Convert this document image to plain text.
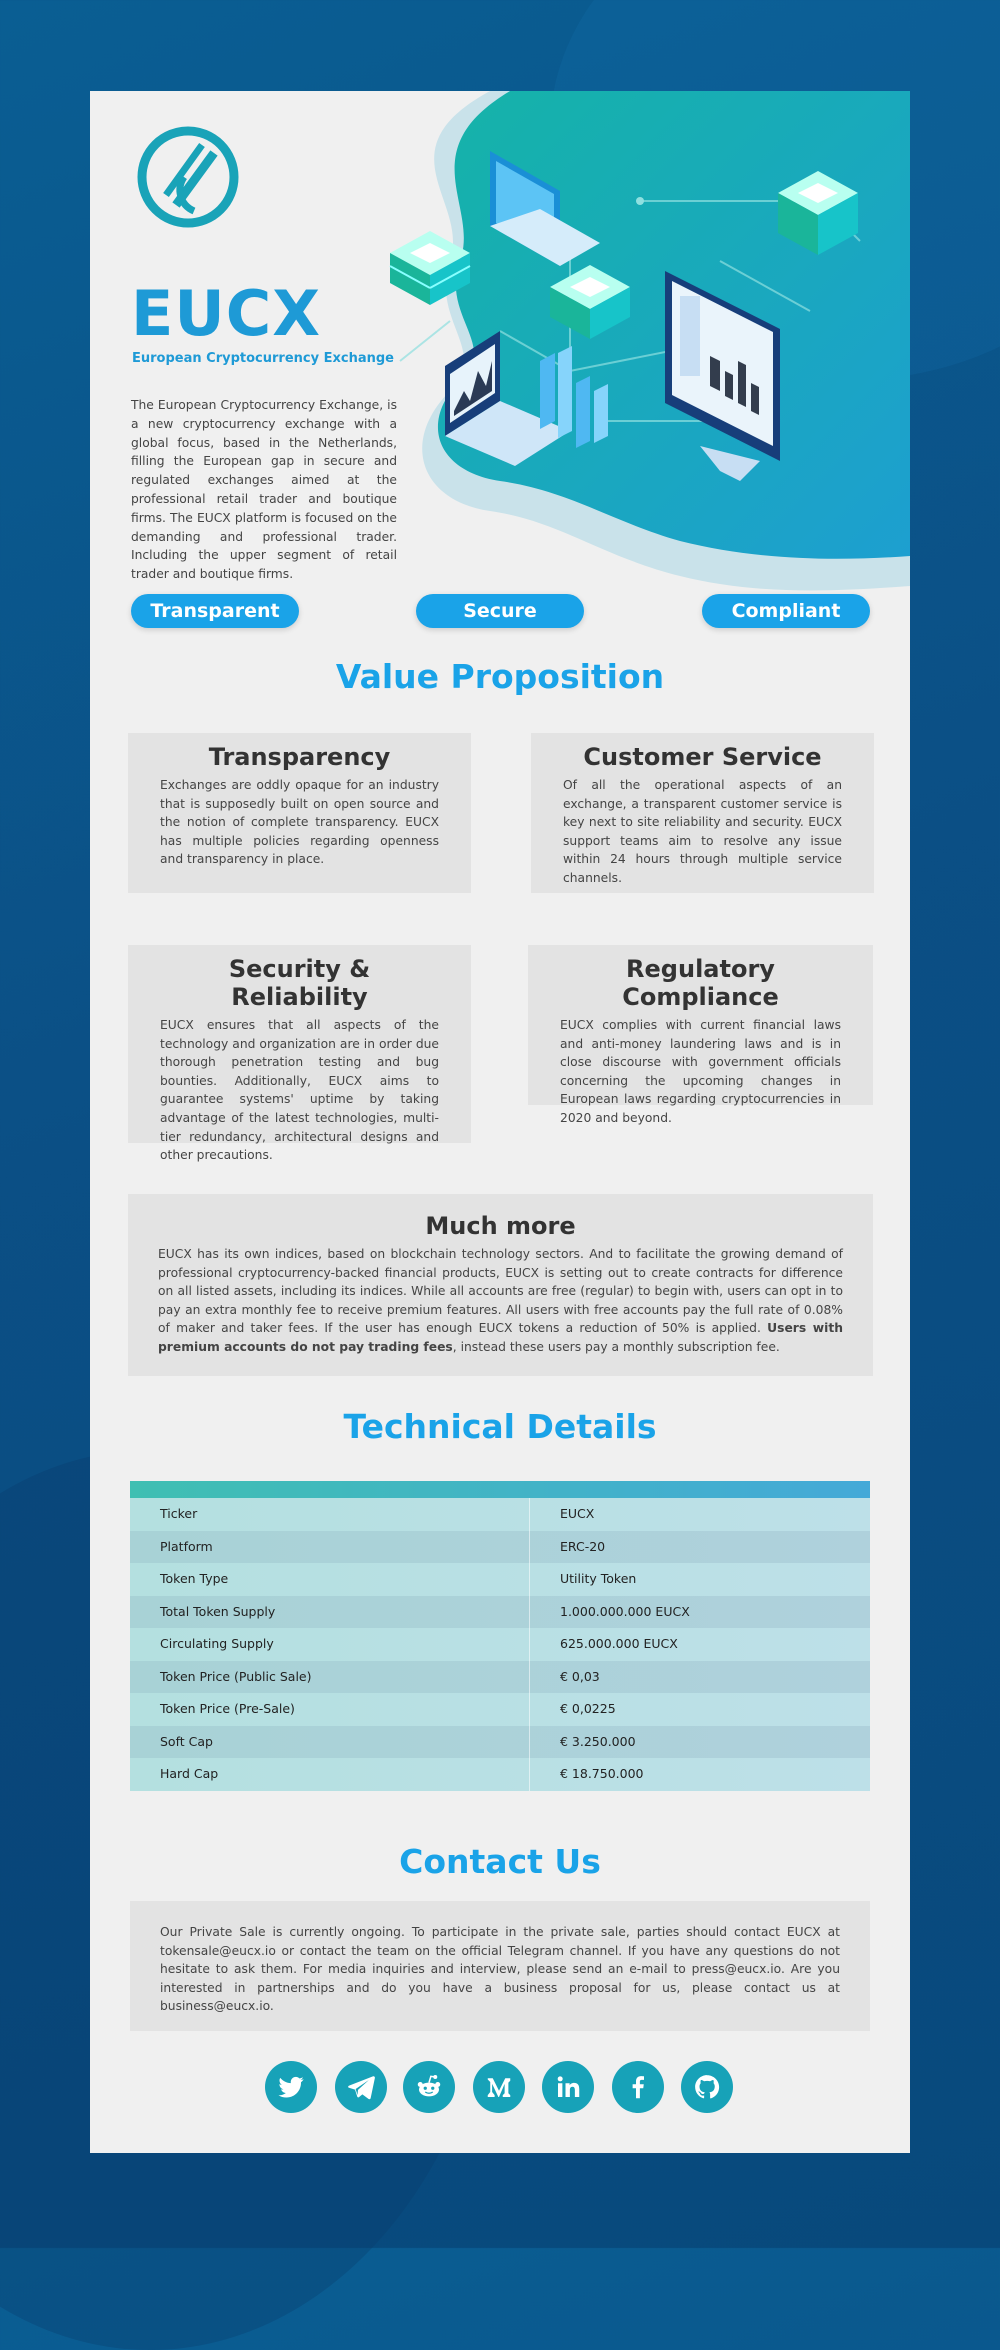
EUCX
European Cryptocurrency Exchange
The European Cryptocurrency Exchange, is a new cryptocurrency exchange with a global focus, based in the Netherlands, filling the European gap in secure and regulated exchanges aimed at the professional retail trader and boutique firms. The EUCX platform is focused on the demanding and professional trader. Including the upper segment of retail trader and boutique firms.
Transparent	Secure	Compliant
Value Proposition
Transparency

Exchanges are oddly opaque for an industry that is supposedly built on open source and the notion of complete transparency. EUCX has multiple policies regarding openness and transparency in place.

Customer Service

Of all the operational aspects of an exchange, a transparent customer service is key next to site reliability and security. EUCX support teams aim to resolve any issue within 24 hours through multiple service channels.

Security & Reliability

EUCX ensures that all aspects of the technology and organization are in order due thorough penetration testing and bug bounties. Additionally, EUCX aims to guarantee systems' uptime by taking advantage of the latest technologies, multi-tier redundancy, architectural designs and other precautions.

Regulatory Compliance

EUCX complies with current financial laws and anti-money laundering laws and is in close discourse with government officials concerning the upcoming changes in European laws regarding cryptocurrencies in 2020 and beyond.

Much more

EUCX has its own indices, based on blockchain technology sectors. And to facilitate the growing demand of professional cryptocurrency-backed financial products, EUCX is setting out to create contracts for difference on all listed assets, including its indices. While all accounts are free (regular) to begin with, users can opt in to pay an extra monthly fee to receive premium features. All users with free accounts pay the full rate of 0.08% of maker and taker fees. If the user has enough EUCX tokens a reduction of 50% is applied. Users with premium accounts do not pay trading fees, instead these users pay a monthly subscription fee.

Technical Details
Ticker	EUCX
Platform	ERC-20
Token Type	Utility Token
Total Token Supply	1.000.000.000 EUCX
Circulating Supply	625.000.000 EUCX
Token Price (Public Sale)	€ 0,03
Token Price (Pre-Sale)	€ 0,0225
Soft Cap	€ 3.250.000
Hard Cap	€ 18.750.000
Contact Us
Our Private Sale is currently ongoing. To participate in the private sale, parties should contact EUCX at tokensale@eucx.io or contact the team on the official Telegram channel. If you have any questions do not hesitate to ask them. For media inquiries and interview, please send an e-mail to press@eucx.io. Are you interested in partnerships and do you have a business proposal for us, please contact us at business@eucx.io.
